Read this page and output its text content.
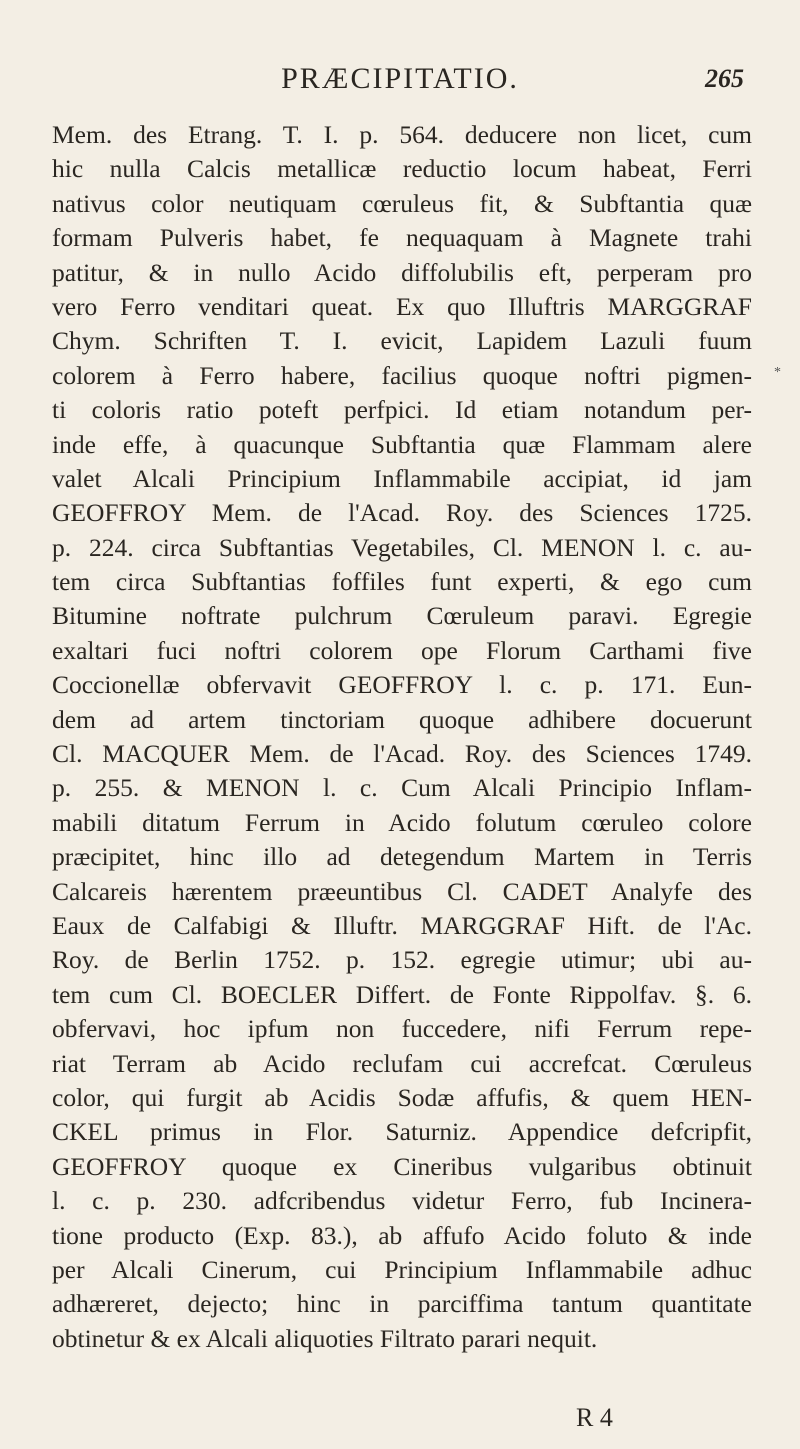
PRÆCIPITATIO.	265
Mem. des Etrang. T. I. p. 564. deducere non licet, cum
hic nulla Calcis metallicæ reductio locum habeat, Ferri
nativus color neutiquam cœruleus fit, & Subftantia quæ
formam Pulveris habet, fe nequaquam à Magnete trahi
patitur, & in nullo Acido diffolubilis eft, perperam pro
vero Ferro venditari queat. Ex quo Illuftris MARGGRAF
Chym. Schriften T. I. evicit, Lapidem Lazuli fuum
colorem à Ferro habere, facilius quoque noftri pigmen-
ti coloris ratio poteft perfpici. Id etiam notandum per-
inde effe, à quacunque Subftantia quæ Flammam alere
valet Alcali Principium Inflammabile accipiat, id jam
GEOFFROY Mem. de l'Acad. Roy. des Sciences 1725.
p. 224. circa Subftantias Vegetabiles, Cl. MENON l. c. au-
tem circa Subftantias foffiles funt experti, & ego cum
Bitumine noftrate pulchrum Cœruleum paravi. Egregie
exaltari fuci noftri colorem ope Florum Carthami five
Coccionellæ obfervavit GEOFFROY l. c. p. 171. Eun-
dem ad artem tinctoriam quoque adhibere docuerunt
Cl. MACQUER Mem. de l'Acad. Roy. des Sciences 1749.
p. 255. & MENON l. c. Cum Alcali Principio Inflam-
mabili ditatum Ferrum in Acido folutum cœruleo colore
præcipitet, hinc illo ad detegendum Martem in Terris
Calcareis hærentem præeuntibus Cl. CADET Analyfe des
Eaux de Calfabigi & Illuftr. MARGGRAF Hift. de l'Ac.
Roy. de Berlin 1752. p. 152. egregie utimur; ubi au-
tem cum Cl. BOECLER Differt. de Fonte Rippolfav. §. 6.
obfervavi, hoc ipfum non fuccedere, nifi Ferrum repe-
riat Terram ab Acido reclufam cui accrefcat. Cœruleus
color, qui furgit ab Acidis Sodæ affufis, & quem HEN-
CKEL primus in Flor. Saturniz. Appendice defcripfit,
GEOFFROY quoque ex Cineribus vulgaribus obtinuit
l. c. p. 230. adfcribendus videtur Ferro, fub Incinera-
tione producto (Exp. 83.), ab affufo Acido foluto & inde
per Alcali Cinerum, cui Principium Inflammabile adhuc
adhæreret, dejecto; hinc in parciffima tantum quantitate
obtinetur & ex Alcali aliquoties Filtrato parari nequit.
*
R 4
